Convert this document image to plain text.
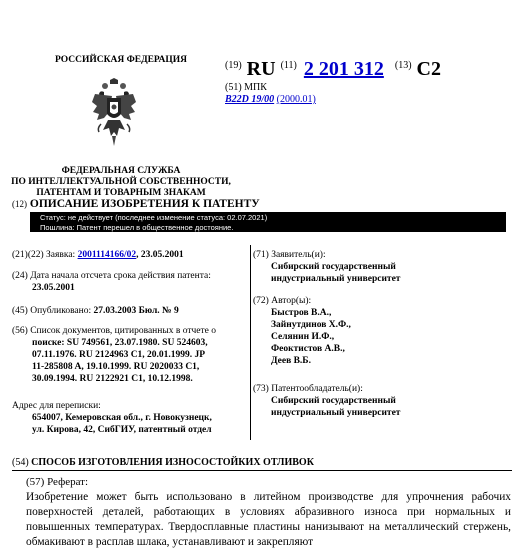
РОССИЙСКАЯ ФЕДЕРАЦИЯ
ФЕДЕРАЛЬНАЯ СЛУЖБА
ПО ИНТЕЛЛЕКТУАЛЬНОЙ СОБСТВЕННОСТИ,
ПАТЕНТАМ И ТОВАРНЫМ ЗНАКАМ
$^{(19)}$ RU $^{(11)}$ 2 201 312 $^{(13)}$ C2
(51) МПК
B22D 19/00 (2000.01)
(12) ОПИСАНИЕ ИЗОБРЕТЕНИЯ К ПАТЕНТУ
Статус: не действует (последнее изменение статуса: 02.07.2021)
Пошлина: Патент перешел в общественное достояние.
(21)(22) Заявка: 2001114166/02, 23.05.2001
(24) Дата начала отсчета срока действия патента:
23.05.2001
(45) Опубликовано: 27.03.2003 Бюл. № 9
(56) Список документов, цитированных в отчете о
поиске: SU 749561, 23.07.1980. SU 524603,
07.11.1976. RU 2124963 C1, 20.01.1999. JP
11-285808 A, 19.10.1999. RU 2020033 C1,
30.09.1994. RU 2122921 C1, 10.12.1998.
Адрес для переписки:
654007, Кемеровская обл., г. Новокузнецк,
ул. Кирова, 42, СибГИУ, патентный отдел
(71) Заявитель(и):
Сибирский государственный
индустриальный университет
(72) Автор(ы):
Быстров В.А.,
Зайнутдинов Х.Ф.,
Селянин И.Ф.,
Феоктистов А.В.,
Деев В.Б.
(73) Патентообладатель(и):
Сибирский государственный
индустриальный университет
(54) СПОСОБ ИЗГОТОВЛЕНИЯ ИЗНОСОСТОЙКИХ ОТЛИВОК
(57) Реферат:
Изобретение может быть использовано в литейном производстве для упрочнения рабочих поверхностей деталей, работающих в условиях абразивного износа при нормальных и повышенных температурах. Твердосплавные пластины нанизывают на металлический стержень, обмакивают в расплав шлака, устанавливают и закрепляют
